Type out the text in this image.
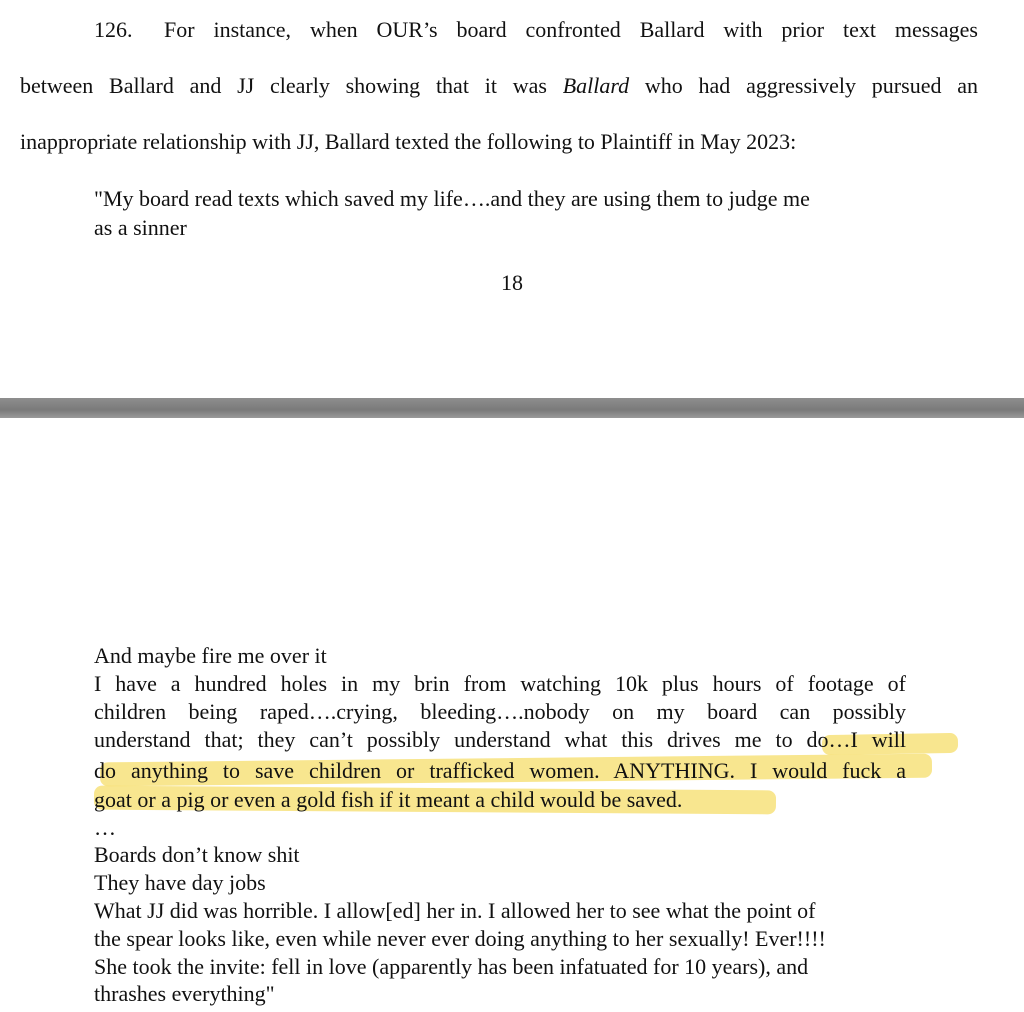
126. For instance, when OUR’s board confronted Ballard with prior text messages
between Ballard and JJ clearly showing that it was Ballard who had aggressively pursued an
inappropriate relationship with JJ, Ballard texted the following to Plaintiff in May 2023:
"My board read texts which saved my life….and they are using them to judge me
as a sinner
18
And maybe fire me over it
I have a hundred holes in my brin from watching 10k plus hours of footage of
children being raped….crying, bleeding….nobody on my board can possibly
understand that; they can’t possibly understand what this drives me to do…I will
do anything to save children or trafficked women. ANYTHING. I would fuck a
goat or a pig or even a gold fish if it meant a child would be saved.
…
Boards don’t know shit
They have day jobs
What JJ did was horrible. I allow[ed] her in. I allowed her to see what the point of
the spear looks like, even while never ever doing anything to her sexually! Ever!!!!
She took the invite: fell in love (apparently has been infatuated for 10 years), and
thrashes everything"
